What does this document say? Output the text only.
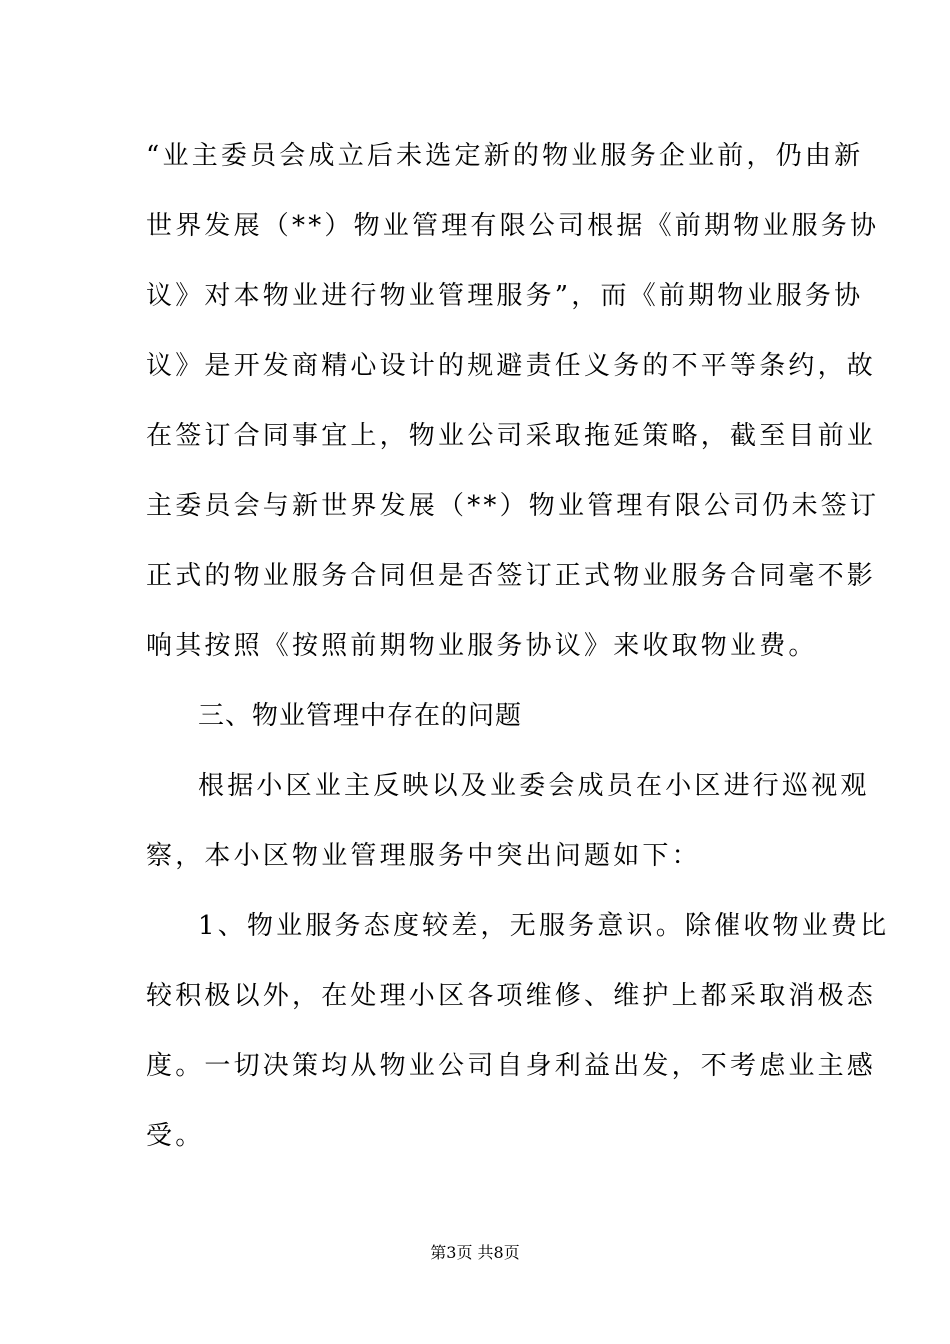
“业主委员会成立后未选定新的物业服务企业前，仍由新
世界发展（**）物业管理有限公司根据《前期物业服务协
议》对本物业进行物业管理服务”，而《前期物业服务协
议》是开发商精心设计的规避责任义务的不平等条约，故
在签订合同事宜上，物业公司采取拖延策略，截至目前业
主委员会与新世界发展（**）物业管理有限公司仍未签订
正式的物业服务合同但是否签订正式物业服务合同毫不影
响其按照《按照前期物业服务协议》来收取物业费。
三、物业管理中存在的问题
根据小区业主反映以及业委会成员在小区进行巡视观
察，本小区物业管理服务中突出问题如下：
1、物业服务态度较差，无服务意识。除催收物业费比
较积极以外，在处理小区各项维修、维护上都采取消极态
度。一切决策均从物业公司自身利益出发，不考虑业主感
受。
第3页 共8页
